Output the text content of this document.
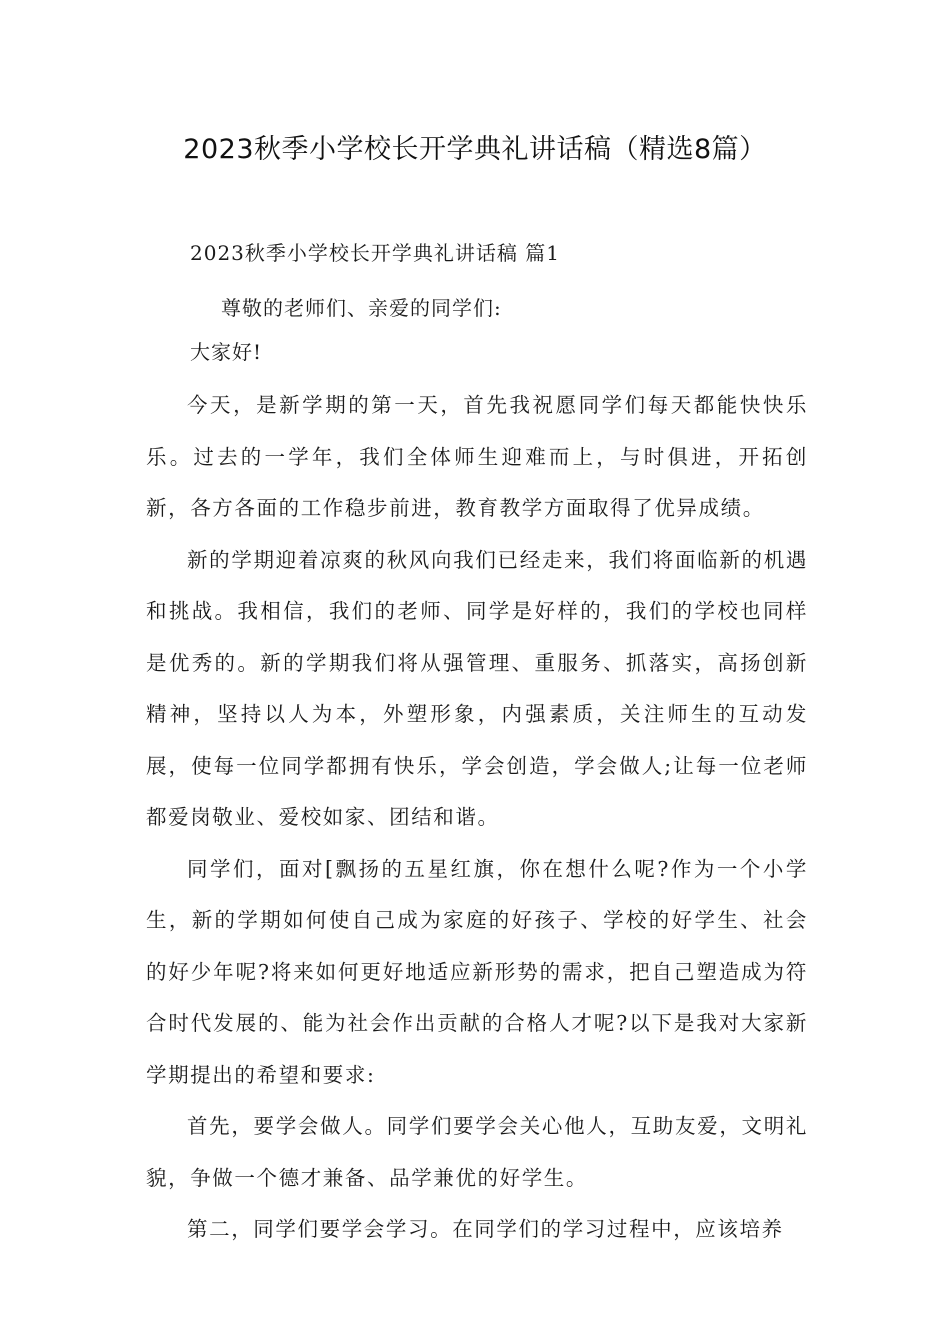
2023秋季小学校长开学典礼讲话稿（精选8篇）
2023秋季小学校长开学典礼讲话稿 篇1
尊敬的老师们、亲爱的同学们:
大家好!

今天，是新学期的第一天，首先我祝愿同学们每天都能快快乐乐。过去的一学年，我们全体师生迎难而上，与时俱进，开拓创新，各方各面的工作稳步前进，教育教学方面取得了优异成绩。

新的学期迎着凉爽的秋风向我们已经走来，我们将面临新的机遇和挑战。我相信，我们的老师、同学是好样的，我们的学校也同样是优秀的。新的学期我们将从强管理、重服务、抓落实，高扬创新精神，坚持以人为本，外塑形象，内强素质，关注师生的互动发展，使每一位同学都拥有快乐，学会创造，学会做人;让每一位老师都爱岗敬业、爱校如家、团结和谐。

同学们，面对[飘扬的五星红旗，你在想什么呢?作为一个小学生，新的学期如何使自己成为家庭的好孩子、学校的好学生、社会的好少年呢?将来如何更好地适应新形势的需求，把自己塑造成为符合时代发展的、能为社会作出贡献的合格人才呢?以下是我对大家新学期提出的希望和要求:

首先，要学会做人。同学们要学会关心他人，互助友爱，文明礼貌，争做一个德才兼备、品学兼优的好学生。

第二，同学们要学会学习。在同学们的学习过程中，应该培养
